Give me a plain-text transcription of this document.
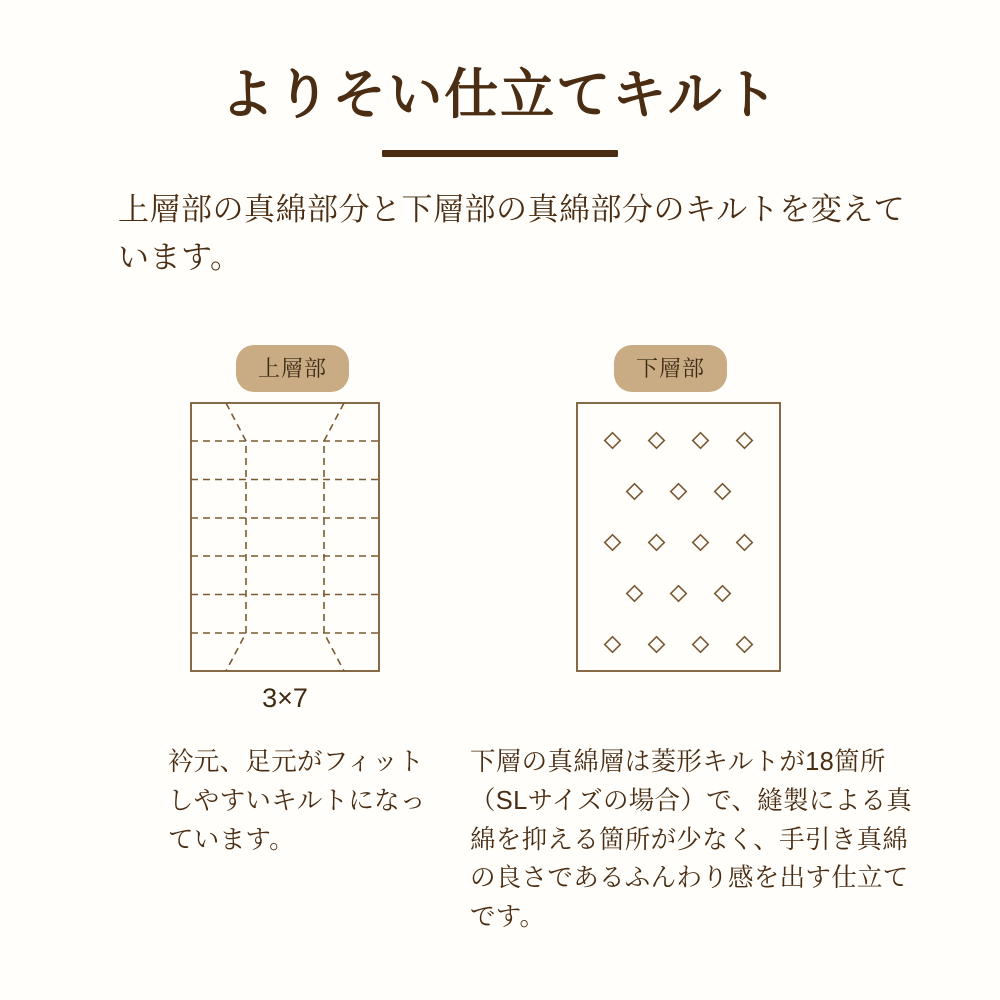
よりそい仕立てキルト
上層部の真綿部分と下層部の真綿部分のキルトを変えています。
上層部
3×7
衿元、足元がフィットしやすいキルトになっています。
下層部
下層の真綿層は菱形キルトが18箇所（SLサイズの場合）で、縫製による真綿を抑える箇所が少なく、手引き真綿の良さであるふんわり感を出す仕立てです。
